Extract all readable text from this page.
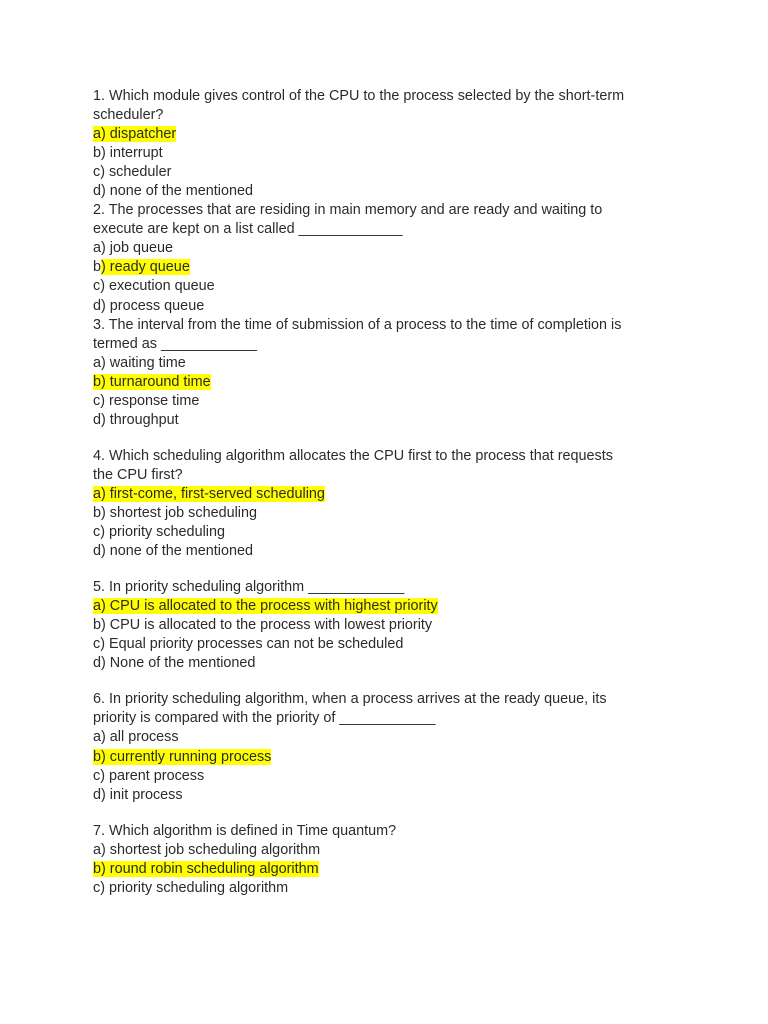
1. Which module gives control of the CPU to the process selected by the short-term
scheduler?
a) dispatcher
b) interrupt
c) scheduler
d) none of the mentioned
2. The processes that are residing in main memory and are ready and waiting to
execute are kept on a list called _____________
a) job queue
b) ready queue
c) execution queue
d) process queue
3. The interval from the time of submission of a process to the time of completion is
termed as ____________
a) waiting time
b) turnaround time
c) response time
d) throughput
4. Which scheduling algorithm allocates the CPU first to the process that requests
the CPU first?
a) first-come, first-served scheduling
b) shortest job scheduling
c) priority scheduling
d) none of the mentioned
5. In priority scheduling algorithm ____________
a) CPU is allocated to the process with highest priority
b) CPU is allocated to the process with lowest priority
c) Equal priority processes can not be scheduled
d) None of the mentioned
6. In priority scheduling algorithm, when a process arrives at the ready queue, its
priority is compared with the priority of ____________
a) all process
b) currently running process
c) parent process
d) init process
7. Which algorithm is defined in Time quantum?
a) shortest job scheduling algorithm
b) round robin scheduling algorithm
c) priority scheduling algorithm
